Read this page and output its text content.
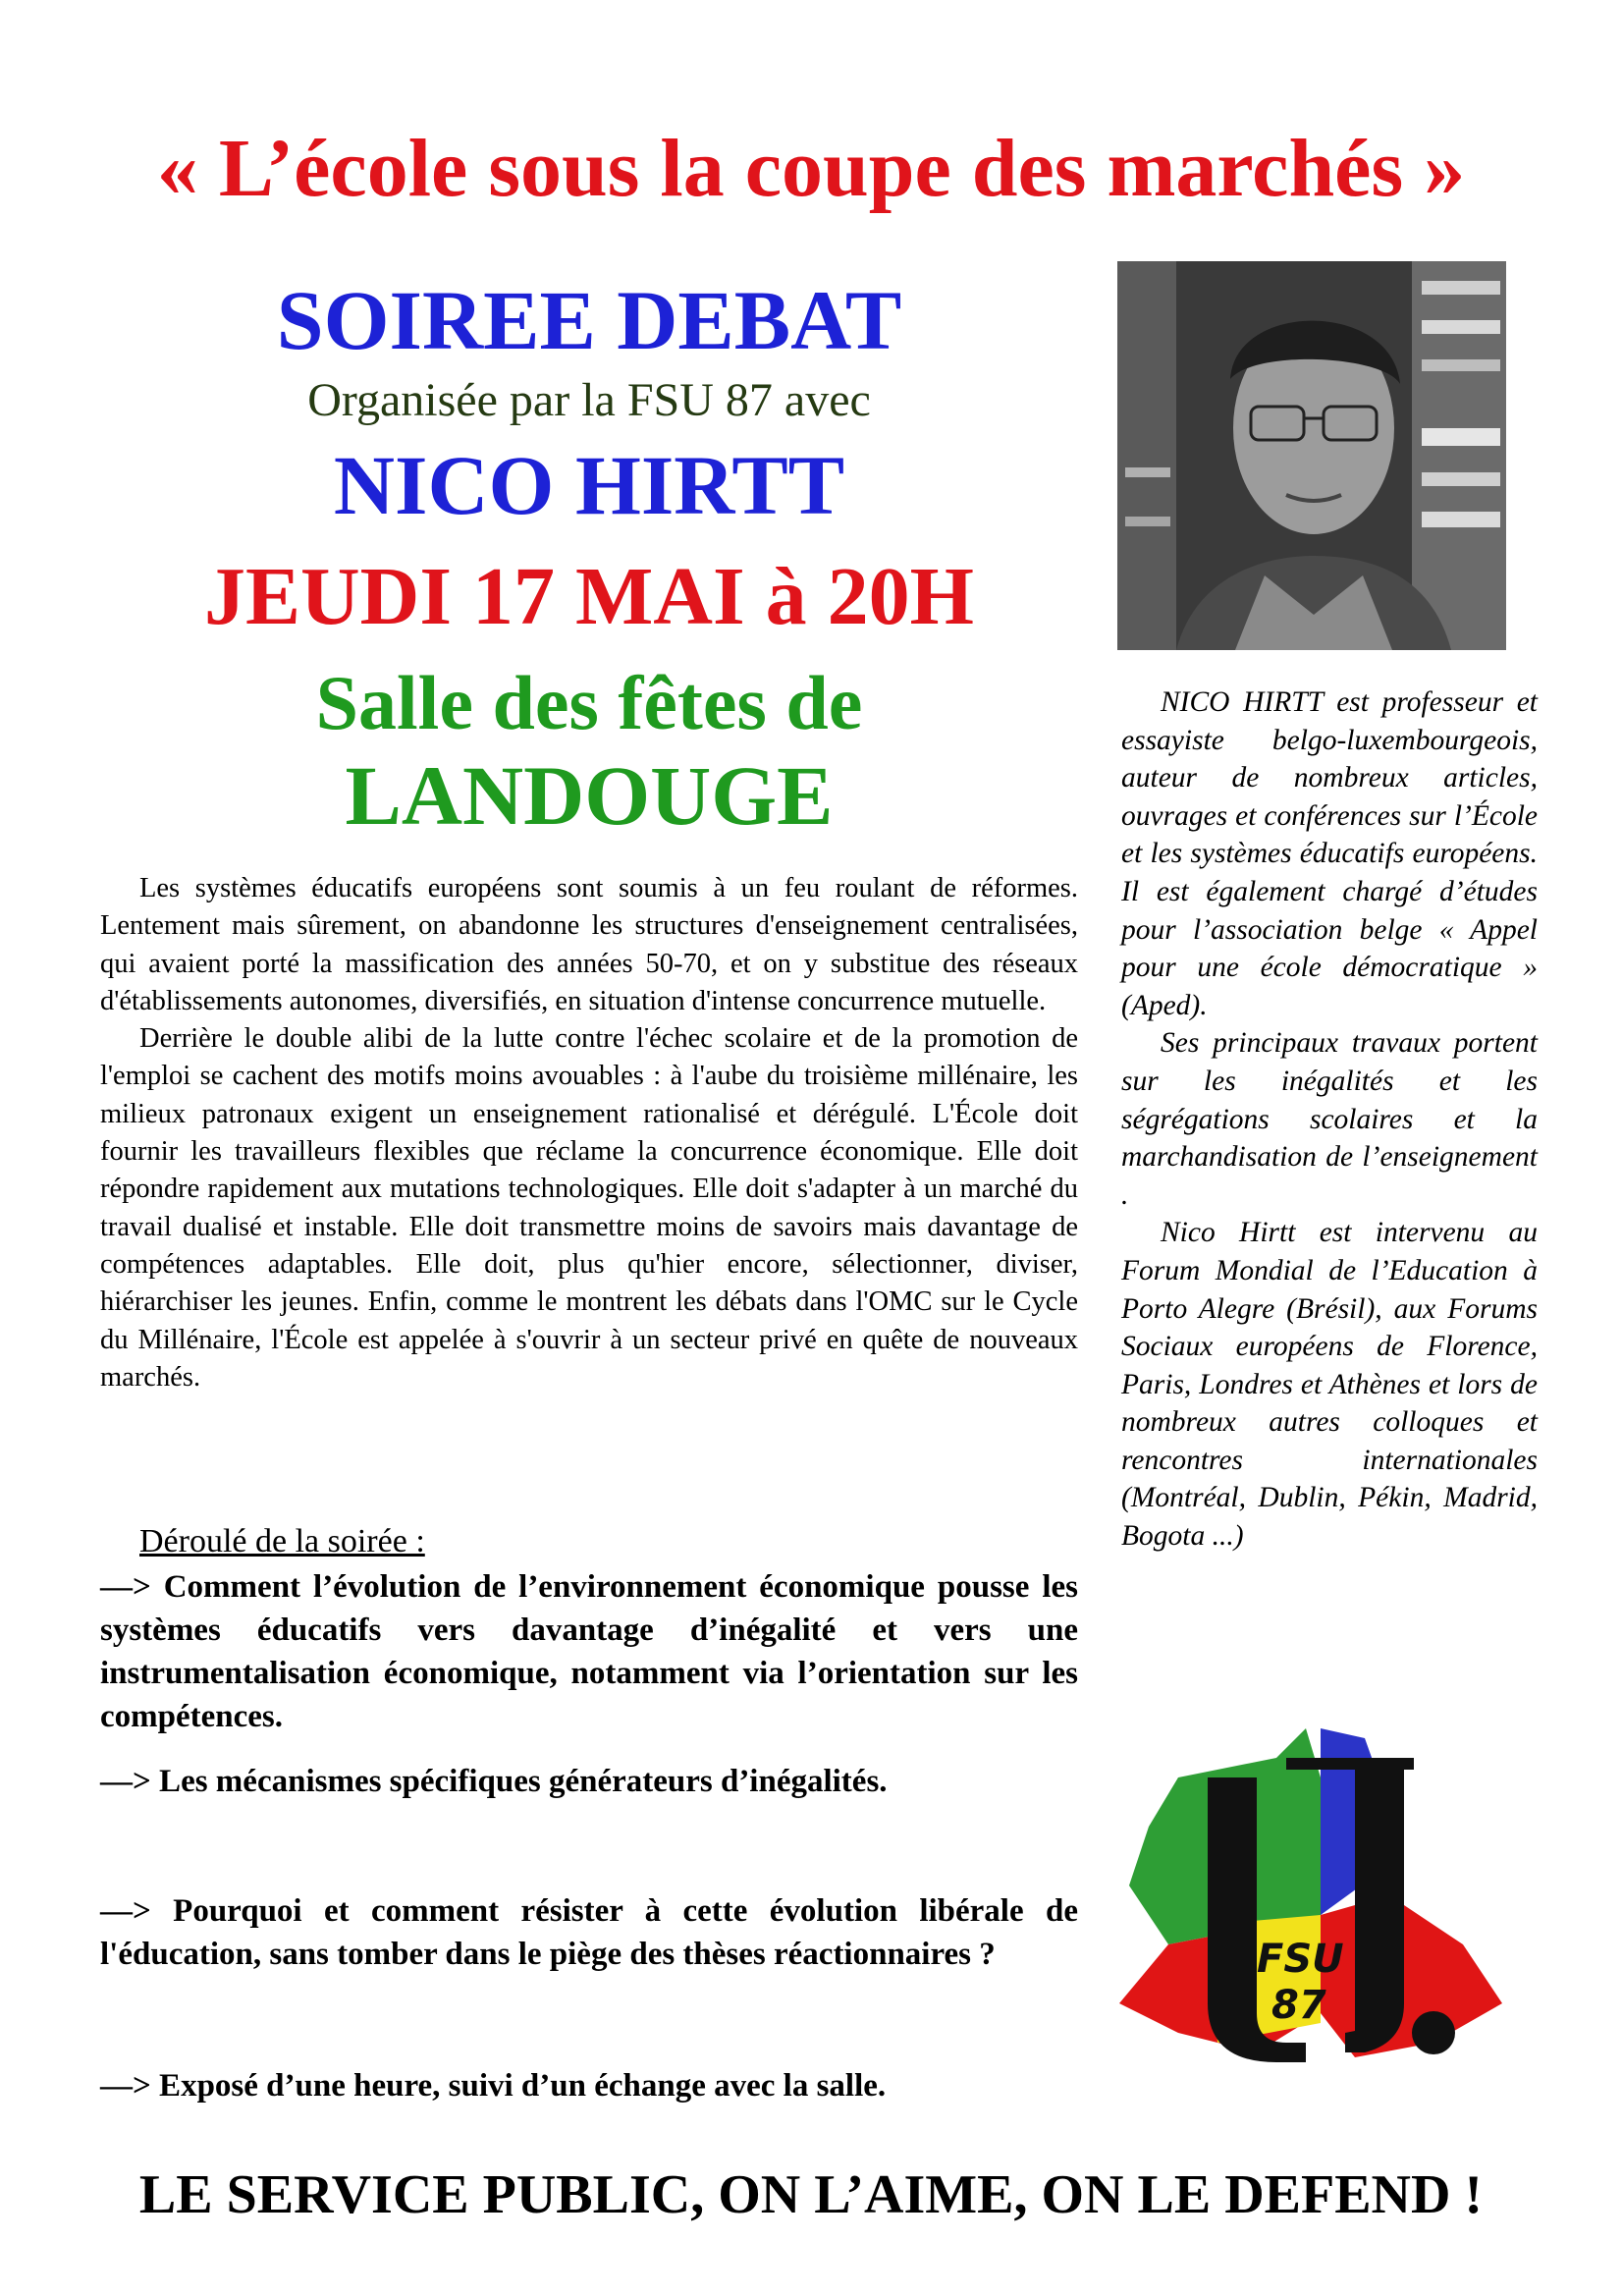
« L’école sous la coupe des marchés »
SOIREE DEBAT
Organisée par la FSU 87 avec
NICO HIRTT
JEUDI 17 MAI à 20H
Salle des fêtes de
LANDOUGE

Les systèmes éducatifs européens sont soumis à un feu roulant de réformes. Lentement mais sûrement, on abandonne les structures d'enseignement centralisées, qui avaient porté la massification des années 50-70, et on y substitue des réseaux d'établissements autonomes, diversifiés, en situation d'intense concurrence mutuelle.

Derrière le double alibi de la lutte contre l'échec scolaire et de la promotion de l'emploi se cachent des motifs moins avouables : à l'aube du troisième millénaire, les milieux patronaux exigent un enseignement rationalisé et dérégulé. L'École doit fournir les travailleurs flexibles que réclame la concurrence économique. Elle doit répondre rapidement aux mutations technologiques. Elle doit s'adapter à un marché du travail dualisé et instable. Elle doit transmettre moins de savoirs mais davantage de compétences adaptables. Elle doit, plus qu'hier encore, sélectionner, diviser, hiérarchiser les jeunes. Enfin, comme le montrent les débats dans l'OMC sur le Cycle du Millénaire, l'École est appelée à s'ouvrir à un secteur privé en quête de nouveaux marchés.

Déroulé de la soirée :
—> Comment l’évolution de l’environnement économique pousse les systèmes éducatifs vers davantage d’inégalité et vers une instrumentalisation économique, notamment via l’orientation sur les compétences.
—> Les mécanismes spécifiques générateurs d’inégalités.
—> Pourquoi et comment résister à cette évolution libérale de l'éducation, sans tomber dans le piège des thèses réactionnaires ?
—> Exposé d’une heure, suivi d’un échange avec la salle.

NICO HIRTT est professeur et essayiste belgo-luxembourgeois, auteur de nombreux articles, ouvrages et conférences sur l’École et les systèmes éducatifs européens. Il est également chargé d’études pour l’association belge « Appel pour une école démocratique » (Aped).

Ses principaux travaux portent sur les inégalités et les ségrégations scolaires et la marchandisation de l’enseignement .

Nico Hirtt est intervenu au Forum Mondial de l’Education à Porto Alegre (Brésil), aux Forums Sociaux européens de Florence, Paris, Londres et Athènes et lors de nombreux autres colloques et rencontres internationales (Montréal, Dublin, Pékin, Madrid, Bogota ...)

FSU
87
LE SERVICE PUBLIC, ON L’AIME, ON LE DEFEND !
